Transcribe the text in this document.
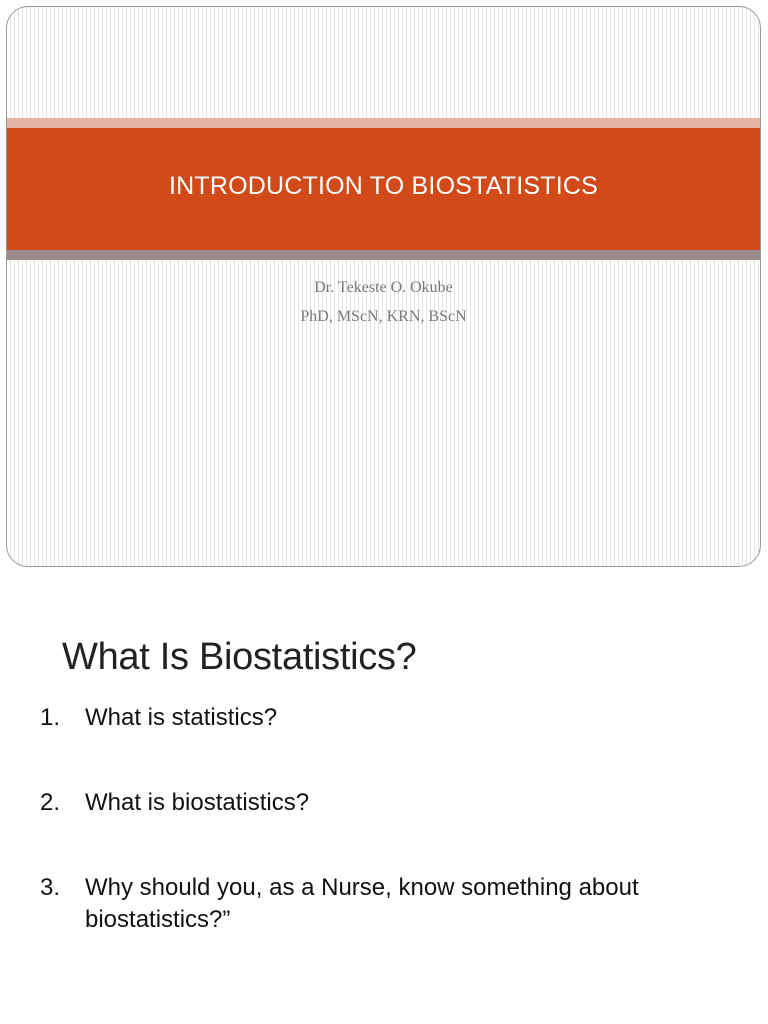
INTRODUCTION TO BIOSTATISTICS
Dr. Tekeste O. Okube
PhD, MScN, KRN, BScN
What Is Biostatistics?
1. What is statistics?
2. What is biostatistics?
3. Why should you, as a Nurse, know something about biostatistics?”
